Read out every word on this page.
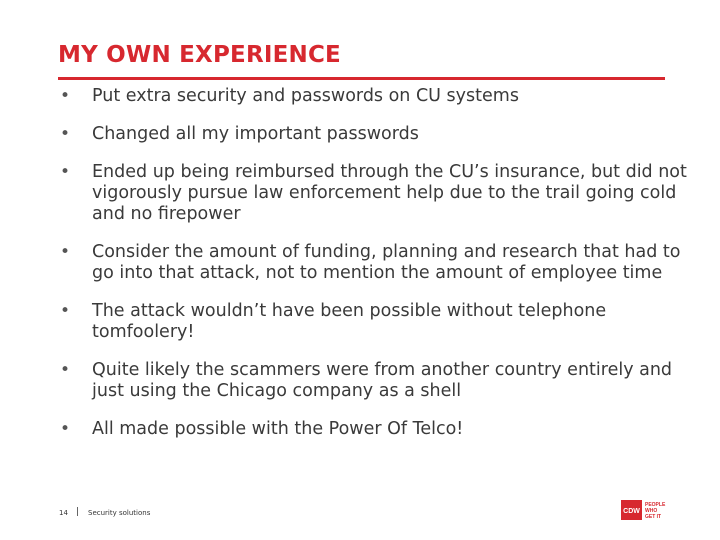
MY OWN EXPERIENCE
•	Put extra security and passwords on CU systems
•	Changed all my important passwords
•	Ended up being reimbursed through the CU’s insurance, but did not vigorously pursue law enforcement help due to the trail going cold and no firepower
•	Consider the amount of funding, planning and research that had to go into that attack, not to mention the amount of employee time
•	The attack wouldn’t have been possible without telephone tomfoolery!
•	Quite likely the scammers were from another country entirely and just using the Chicago company as a shell
•	All made possible with the Power Of Telco!
14 | Security solutions	CDW
PEOPLE
WHO
GET IT
